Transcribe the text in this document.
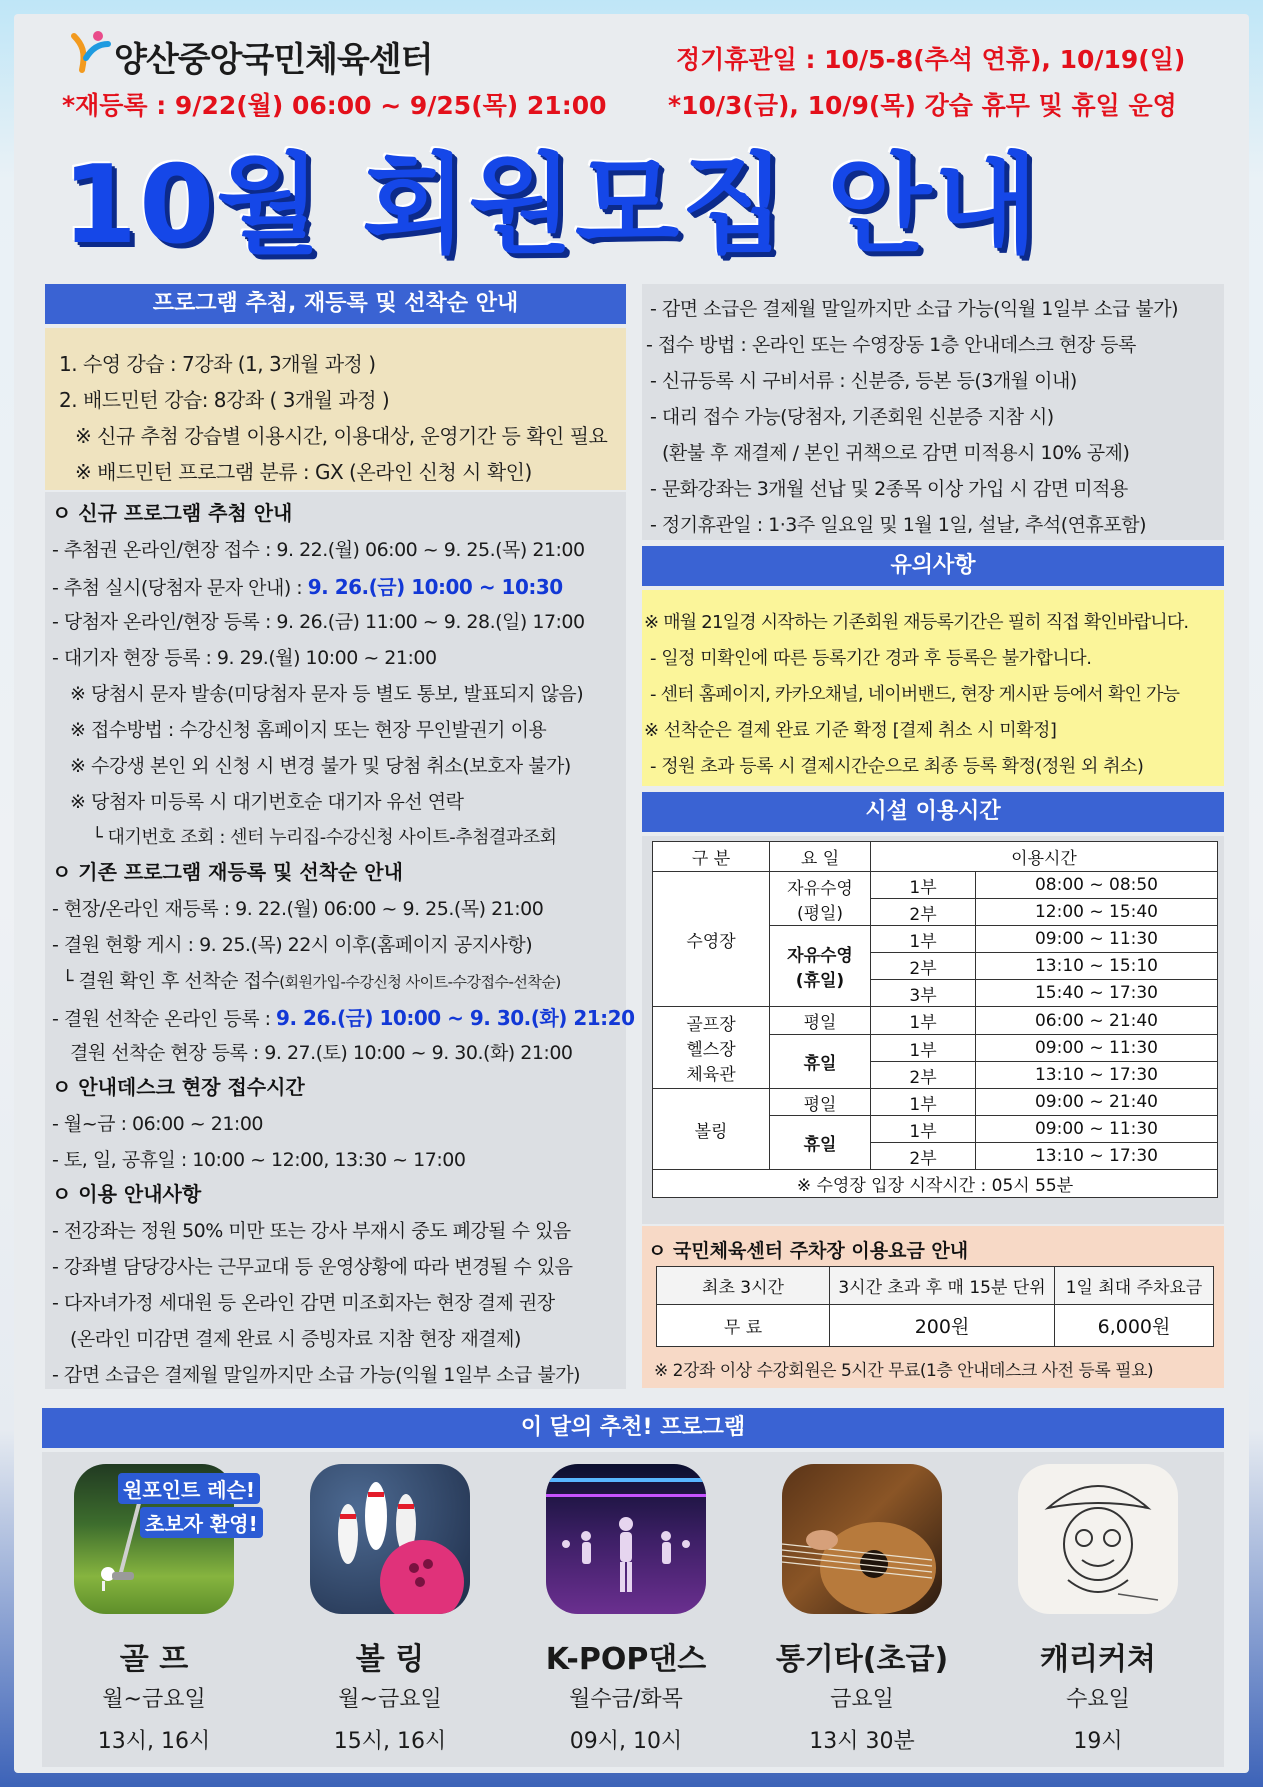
양산중앙국민체육센터
*재등록 : 9/22(월) 06:00 ~ 9/25(목) 21:00
정기휴관일 : 10/5-8(추석 연휴), 10/19(일)
*10/3(금), 10/9(목) 강습 휴무 및 휴일 운영
10월 회원모집 안내
프로그램 추첨, 재등록 및 선착순 안내
1. 수영 강습 : 7강좌 (1, 3개월 과정 )
2. 배드민턴 강습: 8강좌 ( 3개월 과정 )
※ 신규 추첨 강습별 이용시간, 이용대상, 운영기간 등 확인 필요
※ 배드민턴 프로그램 분류 : GX (온라인 신청 시 확인)
ㅇ 신규 프로그램 추첨 안내
- 추첨권 온라인/현장 접수 : 9. 22.(월) 06:00 ~ 9. 25.(목) 21:00
- 추첨 실시(당첨자 문자 안내) : 9. 26.(금) 10:00 ~ 10:30
- 당첨자 온라인/현장 등록 : 9. 26.(금) 11:00 ~ 9. 28.(일) 17:00
- 대기자 현장 등록 : 9. 29.(월) 10:00 ~ 21:00
※ 당첨시 문자 발송(미당첨자 문자 등 별도 통보, 발표되지 않음)
※ 접수방법 : 수강신청 홈페이지 또는 현장 무인발권기 이용
※ 수강생 본인 외 신청 시 변경 불가 및 당첨 취소(보호자 불가)
※ 당첨자 미등록 시 대기번호순 대기자 유선 연락
└ 대기번호 조회 : 센터 누리집-수강신청 사이트-추첨결과조회
ㅇ 기존 프로그램 재등록 및 선착순 안내
- 현장/온라인 재등록 : 9. 22.(월) 06:00 ~ 9. 25.(목) 21:00
- 결원 현황 게시 : 9. 25.(목) 22시 이후(홈페이지 공지사항)
└ 결원 확인 후 선착순 접수(회원가입-수강신청 사이트-수강접수-선착순)
- 결원 선착순 온라인 등록 : 9. 26.(금) 10:00 ~ 9. 30.(화) 21:20
결원 선착순 현장 등록 : 9. 27.(토) 10:00 ~ 9. 30.(화) 21:00
ㅇ 안내데스크 현장 접수시간
- 월~금 : 06:00 ~ 21:00
- 토, 일, 공휴일 : 10:00 ~ 12:00, 13:30 ~ 17:00
ㅇ 이용 안내사항
- 전강좌는 정원 50% 미만 또는 강사 부재시 중도 폐강될 수 있음
- 강좌별 담당강사는 근무교대 등 운영상황에 따라 변경될 수 있음
- 다자녀가정 세대원 등 온라인 감면 미조회자는 현장 결제 권장
(온라인 미감면 결제 완료 시 증빙자료 지참 현장 재결제)
- 감면 소급은 결제월 말일까지만 소급 가능(익월 1일부 소급 불가)
- 감면 소급은 결제월 말일까지만 소급 가능(익월 1일부 소급 불가)
- 접수 방법 : 온라인 또는 수영장동 1층 안내데스크 현장 등록
- 신규등록 시 구비서류 : 신분증, 등본 등(3개월 이내)
- 대리 접수 가능(당첨자, 기존회원 신분증 지참 시)
(환불 후 재결제 / 본인 귀책으로 감면 미적용시 10% 공제)
- 문화강좌는 3개월 선납 및 2종목 이상 가입 시 감면 미적용
- 정기휴관일 : 1·3주 일요일 및 1월 1일, 설날, 추석(연휴포함)
유의사항
※ 매월 21일경 시작하는 기존회원 재등록기간은 필히 직접 확인바랍니다.
- 일정 미확인에 따른 등록기간 경과 후 등록은 불가합니다.
- 센터 홈페이지, 카카오채널, 네이버밴드, 현장 게시판 등에서 확인 가능
※ 선착순은 결제 완료 기준 확정 [결제 취소 시 미확정]
- 정원 초과 등록 시 결제시간순으로 최종 등록 확정(정원 외 취소)
시설 이용시간
구 분	요 일	이용시간	
수영장	자유수영
(평일)	1부	08:00 ~ 08:50
		2부	12:00 ~ 15:40
	자유수영
(휴일)	1부	09:00 ~ 11:30
		2부	13:10 ~ 15:10
		3부	15:40 ~ 17:30
골프장
헬스장
체육관	평일	1부	06:00 ~ 21:40
	휴일	1부	09:00 ~ 11:30
		2부	13:10 ~ 17:30
볼링	평일	1부	09:00 ~ 21:40
	휴일	1부	09:00 ~ 11:30
		2부	13:10 ~ 17:30
※ 수영장 입장 시작시간 : 05시 55분			
ㅇ 국민체육센터 주차장 이용요금 안내
최초 3시간	3시간 초과 후 매 15분 단위	1일 최대 주차요금
무 료	200원	6,000원
※ 2강좌 이상 수강회원은 5시간 무료(1층 안내데스크 사전 등록 필요)
이 달의 추천! 프로그램
원포인트 레슨!
초보자 환영!
골 프
월~금요일
13시, 16시
볼 링
월~금요일
15시, 16시
K-POP댄스
월수금/화목
09시, 10시
통기타(초급)
금요일
13시 30분
캐리커쳐
수요일
19시
